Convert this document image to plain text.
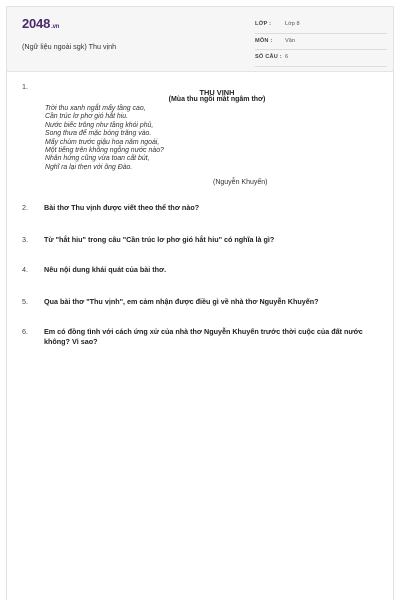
2048.vn
(Ngữ liệu ngoài sgk) Thu vịnh
LỚP : Lớp 8
MÔN : Văn
SỐ CÂU : 6
1.
THU VỊNH
(Mùa thu ngồi mát ngâm thơ)
Trời thu xanh ngắt mấy tầng cao,
Cần trúc lơ phơ gió hắt hiu.
Nước biếc trông như tầng khói phủ,
Song thưa để mặc bóng trăng vào.
Mấy chùm trước giậu hoa năm ngoái,
Một tiếng trên không ngỗng nước nào?
Nhân hứng cũng vừa toan cất bút,
Nghĩ ra lại thẹn với ông Đào.
(Nguyễn Khuyến)
2. Bài thơ Thu vịnh được viết theo thể thơ nào?
3. Từ "hắt hiu" trong câu "Cần trúc lơ phơ gió hắt hiu" có nghĩa là gì?
4. Nêu nội dung khái quát của bài thơ.
5. Qua bài thơ "Thu vịnh", em cảm nhận được điều gì về nhà thơ Nguyễn Khuyến?
6. Em có đồng tình với cách ứng xử của nhà thơ Nguyễn Khuyến trước thời cuộc của đất nước không? Vì sao?
